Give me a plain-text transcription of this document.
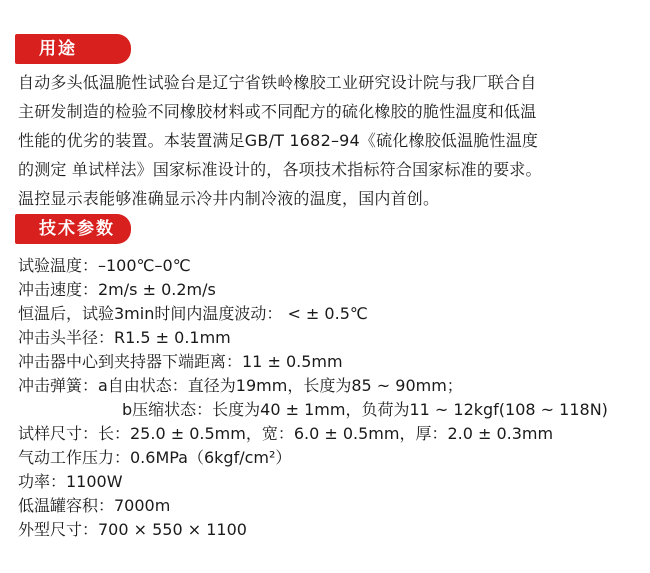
用途
自动多头低温脆性试验台是辽宁省铁岭橡胶工业研究设计院与我厂联合自
主研发制造的检验不同橡胶材料或不同配方的硫化橡胶的脆性温度和低温
性能的优劣的装置。本装置满足GB/T 1682–94《硫化橡胶低温脆性温度
的测定 单试样法》国家标准设计的，各项技术指标符合国家标准的要求。
温控显示表能够准确显示冷井内制冷液的温度，国内首创。
技术参数
试验温度：–100℃–0℃
冲击速度：2m/s ± 0.2m/s
恒温后，试验3min时间内温度波动： < ± 0.5℃
冲击头半径：R1.5 ± 0.1mm
冲击器中心到夹持器下端距离：11 ± 0.5mm
冲击弹簧：a自由状态：直径为19mm，长度为85 ~ 90mm；
b压缩状态：长度为40 ± 1mm，负荷为11 ~ 12kgf(108 ~ 118N)
试样尺寸：长：25.0 ± 0.5mm，宽：6.0 ± 0.5mm，厚：2.0 ± 0.3mm
气动工作压力：0.6MPa（6kgf/cm²）
功率：1100W
低温罐容积：7000m
外型尺寸：700 × 550 × 1100
